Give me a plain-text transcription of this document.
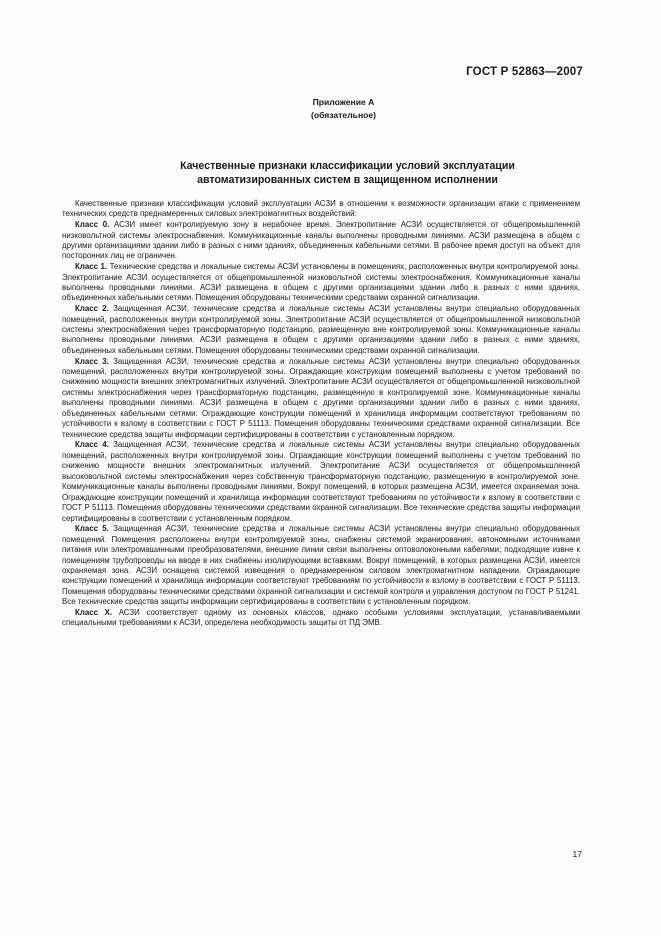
ГОСТ Р 52863—2007
Приложение А
(обязательное)
Качественные признаки классификации условий эксплуатации
автоматизированных систем в защищенном исполнении

Качественные признаки классификации условий эксплуатации АСЗИ в отношении к возможности организации атаки с применением технических средств преднамеренных силовых электромагнитных воздействий:

Класс 0. АСЗИ имеет контролируемую зону в нерабочее время. Электропитание АСЗИ осуществляется от общепромышленной низковольтной системы электроснабжения. Коммуникационные каналы выполнены проводными линиями. АСЗИ размещена в общем с другими организациями здании либо в разных с ними зданиях, объединенных кабельными сетями. В рабочее время доступ на объект для посторонних лиц не ограничен.

Класс 1. Технические средства и локальные системы АСЗИ установлены в помещениях, расположенных внутри контролируемой зоны. Электропитание АСЗИ осуществляется от общепромышленной низковольтной системы электроснабжения. Коммуникационные каналы выполнены проводными линиями. АСЗИ размещена в общем с другими организациями здании либо в разных с ними зданиях, объединенных кабельными сетями. Помещения оборудованы техническими средствами охранной сигнализации.

Класс 2. Защищенная АСЗИ, технические средства и локальные системы АСЗИ установлены внутри специально оборудованных помещений, расположенных внутри контролируемой зоны. Электропитание АСЗИ осуществляется от общепромышленной низковольтной системы электроснабжения через трансформаторную подстанцию, размещенную вне контролируемой зоны. Коммуникационные каналы выполнены проводными линиями. АСЗИ размещена в общем с другими организациями здании либо в разных с ними зданиях, объединенных кабельными сетями. Помещения оборудованы техническими средствами охранной сигнализации.

Класс 3. Защищенная АСЗИ, технические средства и локальные системы АСЗИ установлены внутри специально оборудованных помещений, расположенных внутри контролируемой зоны. Ограждающие конструкции помещений выполнены с учетом требований по снижению мощности внешних электромагнитных излучений. Электропитание АСЗИ осуществляется от общепромышленной низковольтной системы электроснабжения через трансформаторную подстанцию, размещенную в контролируемой зоне. Коммуникационные каналы выполнены проводными линиями. АСЗИ размещена в общем с другими организациями здании либо в разных с ними зданиях, объединенных кабельными сетями. Ограждающие конструкции помещений и хранилища информации соответствуют требованиям по устойчивости к взлому в соответствии с ГОСТ Р 51113. Помещения оборудованы техническими средствами охранной сигнализации. Все технические средства защиты информации сертифицированы в соответствии с установленным порядком.

Класс 4. Защищенная АСЗИ, технические средства и локальные системы АСЗИ установлены внутри специально оборудованных помещений, расположенных внутри контролируемой зоны. Ограждающие конструкции помещений выполнены с учетом требований по снижению мощности внешних электромагнитных излучений. Электропитание АСЗИ осуществляется от общепромышленной высоковольтной системы электроснабжения через собственную трансформаторную подстанцию, размещенную в контролируемой зоне. Коммуникационные каналы выполнены проводными линиями. Вокруг помещений, в которых размещена АСЗИ, имеется охраняемая зона. Ограждающие конструкции помещений и хранилища информации соответствуют требованиям по устойчивости к взлому в соответствии с ГОСТ Р 51113. Помещения оборудованы техническими средствами охранной сигнализации. Все технические средства защиты информации сертифицированы в соответствии с установленным порядком.

Класс 5. Защищенная АСЗИ, технические средства и локальные системы АСЗИ установлены внутри специально оборудованных помещений. Помещения расположены внутри контролируемой зоны, снабжены системой экранирования, автономными источниками питания или электромашинными преобразователями, внешние линии связи выполнены оптоволоконными кабелями; подходящие извне к помещениям трубопроводы на вводе в них снабжены изолирующими вставками. Вокруг помещений, в которых размещена АСЗИ, имеется охраняемая зона. АСЗИ оснащена системой извещения о преднамеренном силовом электромагнитном нападении. Ограждающие конструкции помещений и хранилища информации соответствуют требованиям по устойчивости к взлому в соответствии с ГОСТ Р 51113. Помещения оборудованы техническими средствами охранной сигнализации и системой контроля и управления доступом по ГОСТ Р 51241. Все технические средства защиты информации сертифицированы в соответствии с установленным порядком.

Класс Х. АСЗИ соответствует одному из основных классов, однако особыми условиями эксплуатации, устанавливаемыми специальными требованиями к АСЗИ, определена необходимость защиты от ПД ЭМВ.

17
